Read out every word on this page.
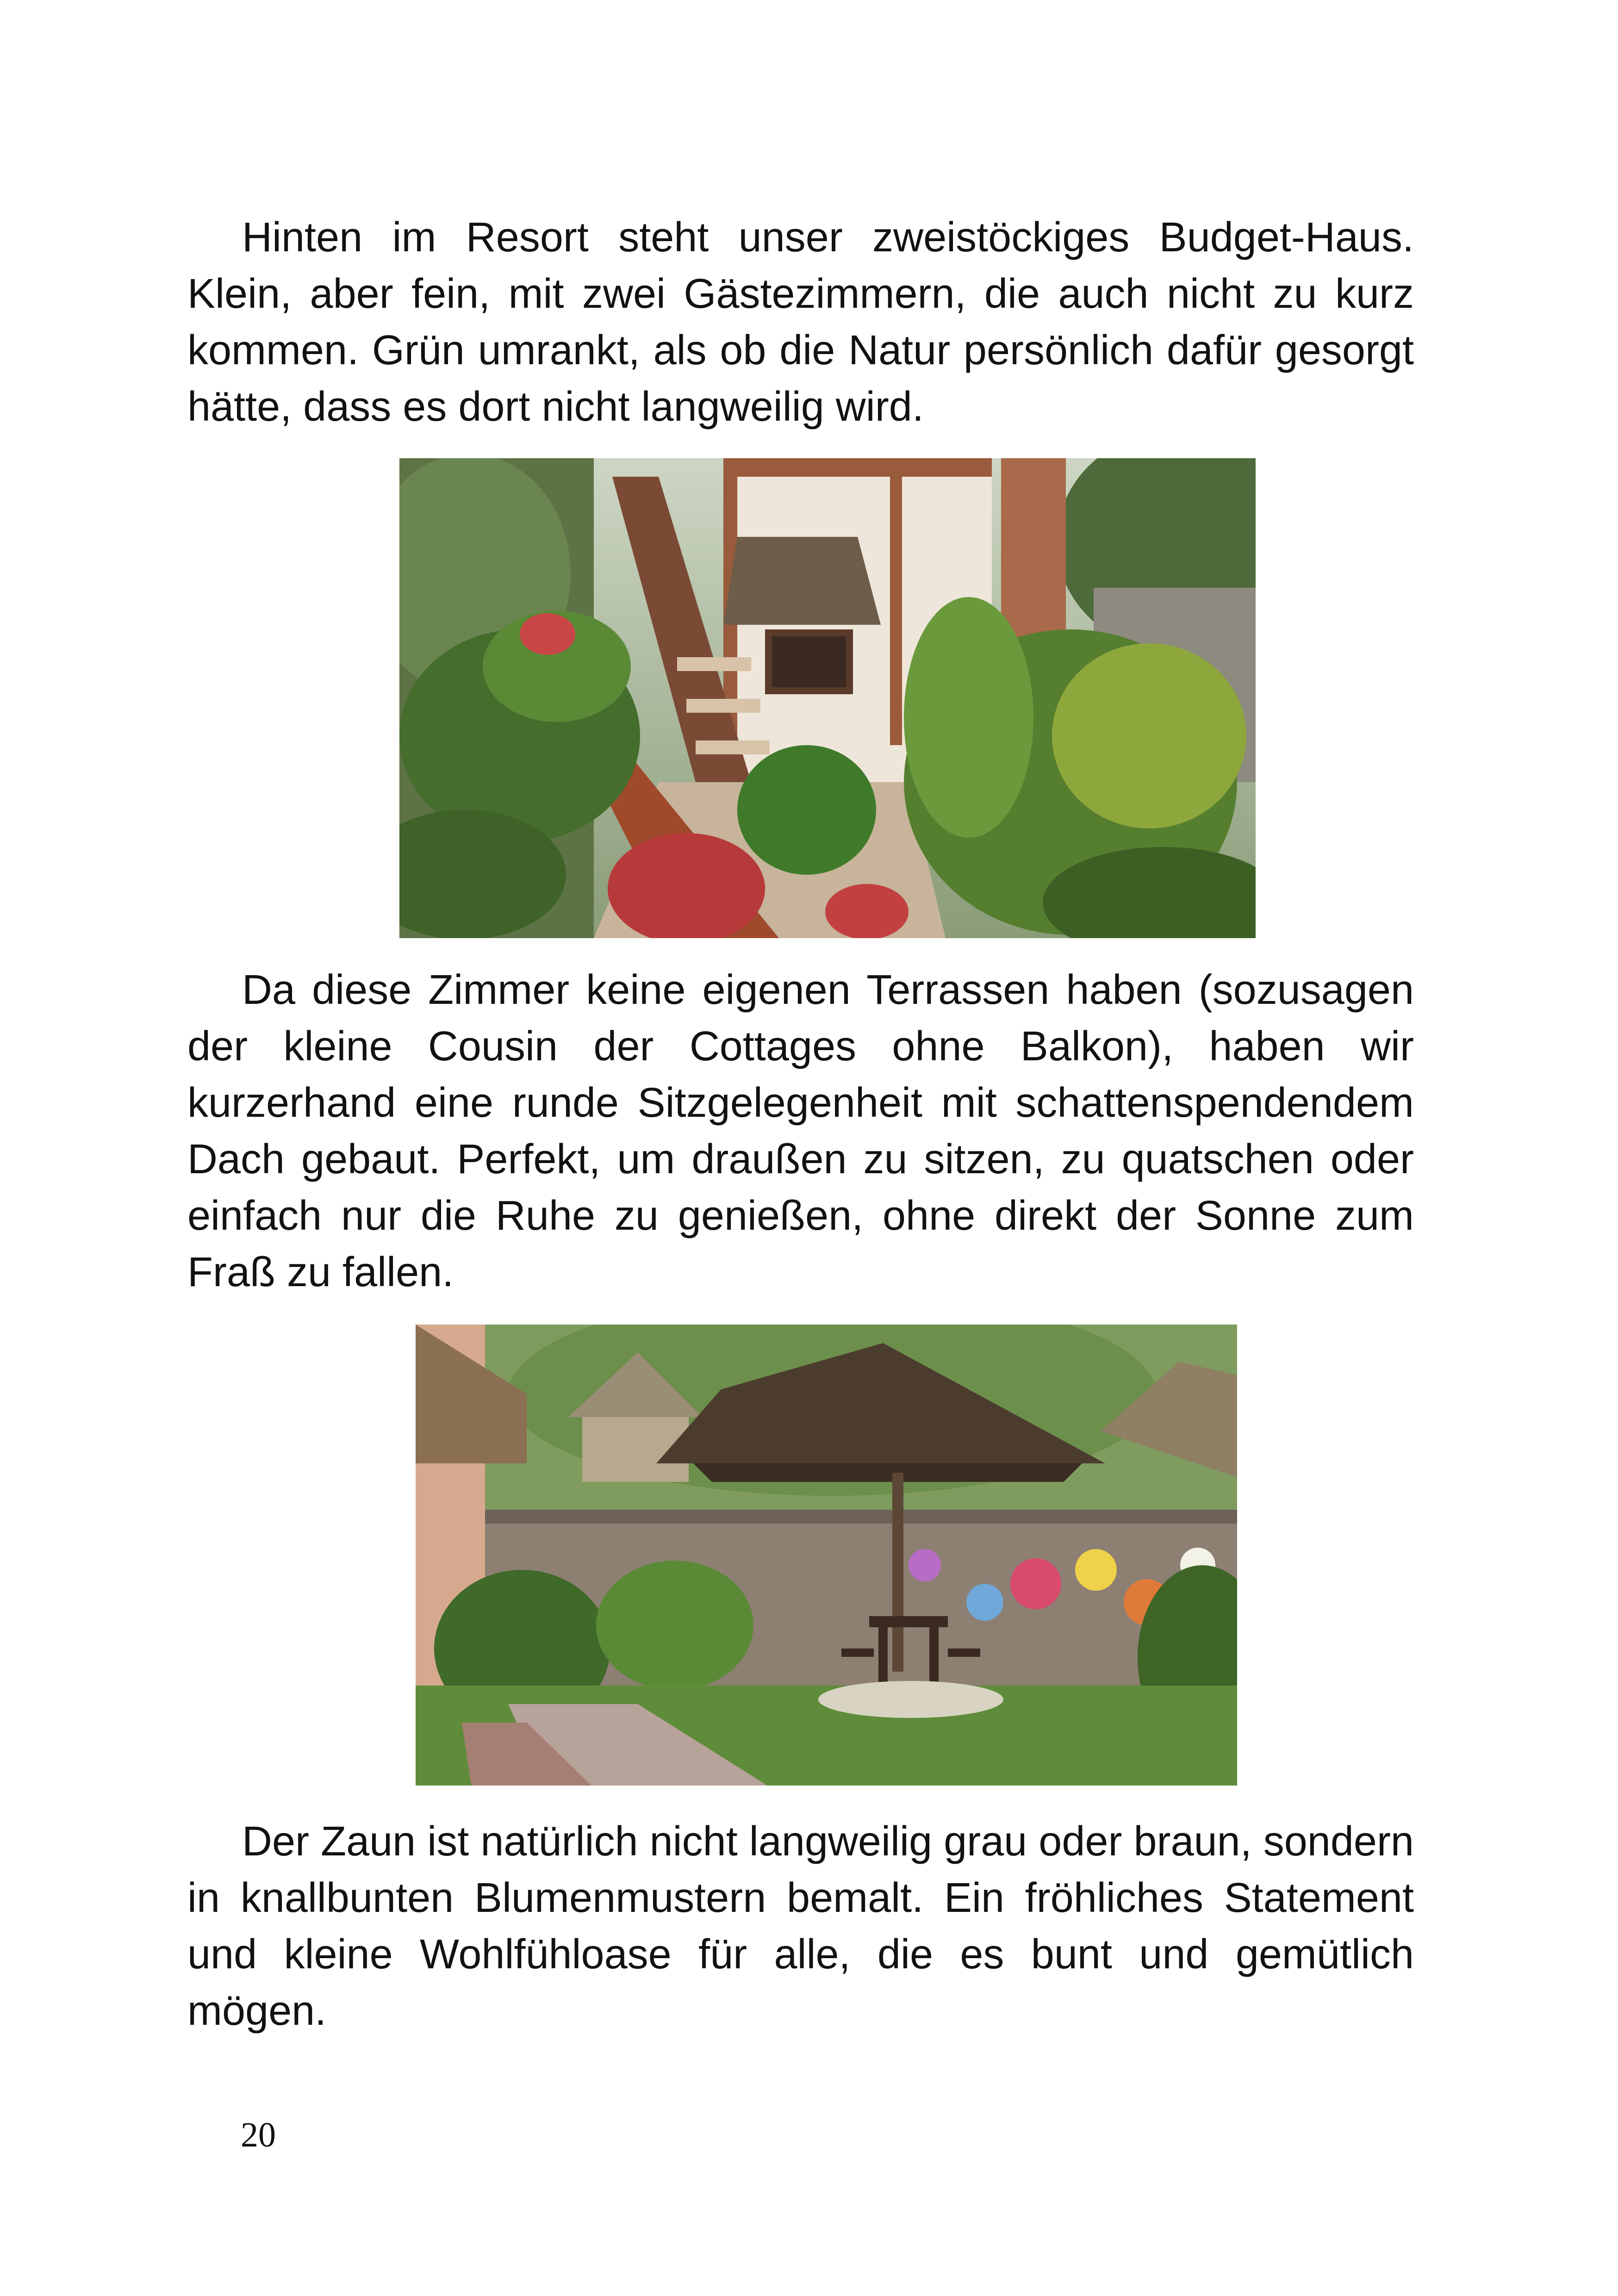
Hinten im Resort steht unser zweistöckiges Budget-Haus. Klein, aber fein, mit zwei Gästezimmern, die auch nicht zu kurz kommen. Grün umrankt, als ob die Natur persönlich dafür gesorgt hätte, dass es dort nicht langweilig wird.

Da diese Zimmer keine eigenen Terrassen haben (sozusagen der kleine Cousin der Cottages ohne Balkon), haben wir kurzerhand eine runde Sitzgelegenheit mit schattenspendendem Dach gebaut. Perfekt, um draußen zu sitzen, zu quatschen oder einfach nur die Ruhe zu genießen, ohne direkt der Sonne zum Fraß zu fallen.

Der Zaun ist natürlich nicht langweilig grau oder braun, sondern in knallbunten Blumenmustern bemalt. Ein fröhliches Statement und kleine Wohlfühloase für alle, die es bunt und gemütlich mögen.

20
